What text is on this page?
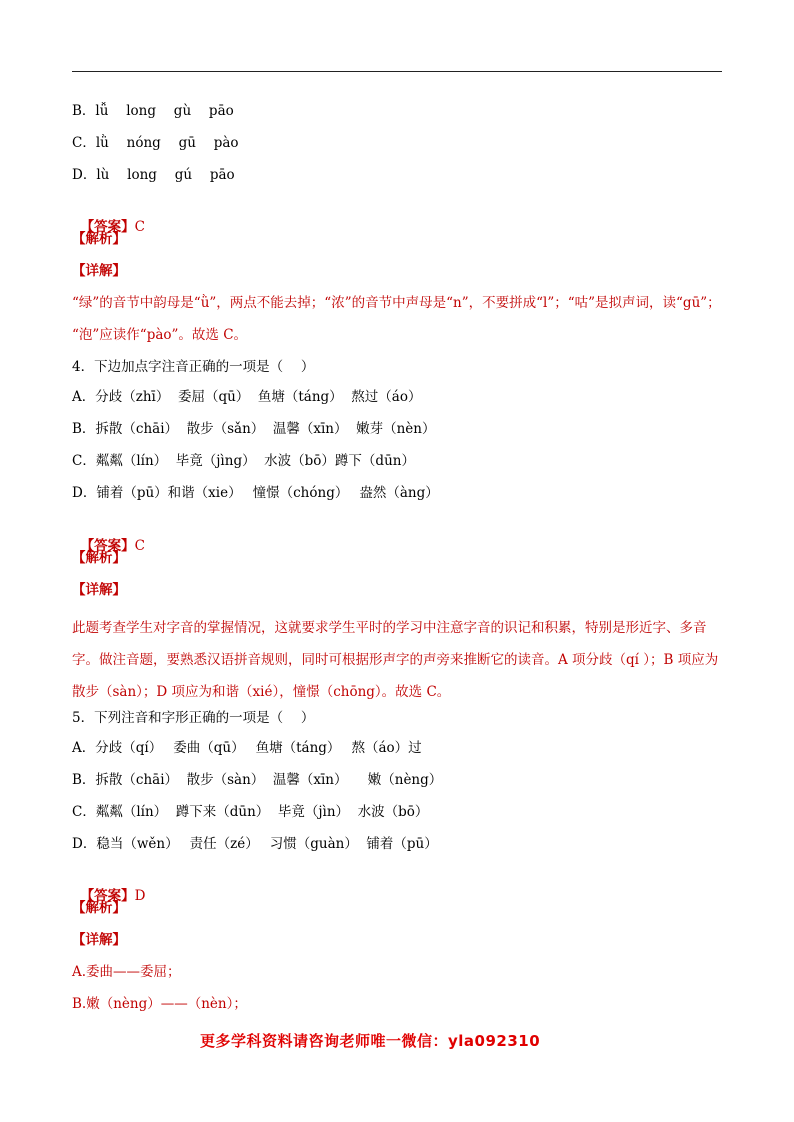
B．lǚ　 long　 gù　 pāo
C．lǜ　 nóng　 gū　 pào
D．lù　 long　 gú　 pāo

【答案】C

【解析】
【详解】
“绿”的音节中韵母是“ǜ”，两点不能去掉；“浓”的音节中声母是“n”，不要拼成“l”；“咕”是拟声词，读“gū”；
“泡”应读作“pào”。故选 C。
4．下边加点字注音正确的一项是（　 ）
A．分歧（zhī）  委屈（qū）  鱼塘（táng）  熬过（áo）
B．拆散（chāi）  散步（sǎn）  温馨（xīn）  嫩芽（nèn）
C．粼粼（lín）  毕竟（jìng）  水波（bō）蹲下（dūn）
D．铺着（pū）和谐（xie）　 憧憬（chóng）　 盎然（àng）

【答案】C

【解析】
【详解】
此题考查学生对字音的掌握情况，这就要求学生平时的学习中注意字音的识记和积累，特别是形近字、多音字。做注音题，要熟悉汉语拼音规则，同时可根据形声字的声旁来推断它的读音。A 项分歧（qí ）；B 项应为散步（sàn）；D 项应为和谐（xié），憧憬（chōng）。故选 C。
5．下列注音和字形正确的一项是（　 ）
A．分歧（qí）　 委曲（qū）　 鱼塘（táng）　 熬（áo）过
B．拆散（chāi）  散步（sàn）  温馨（xīn）　　嫩（nèng）
C．粼粼（lín）  蹲下来（dūn）  毕竟（jìn）  水波（bō）
D．稳当（wěn）　 责任（zé）　 习惯（guàn）  铺着（pū）

【答案】D

【解析】
【详解】
A.委曲——委屈；
B.嫩（nèng）——（nèn）；
更多学科资料请咨询老师唯一微信：yla092310
